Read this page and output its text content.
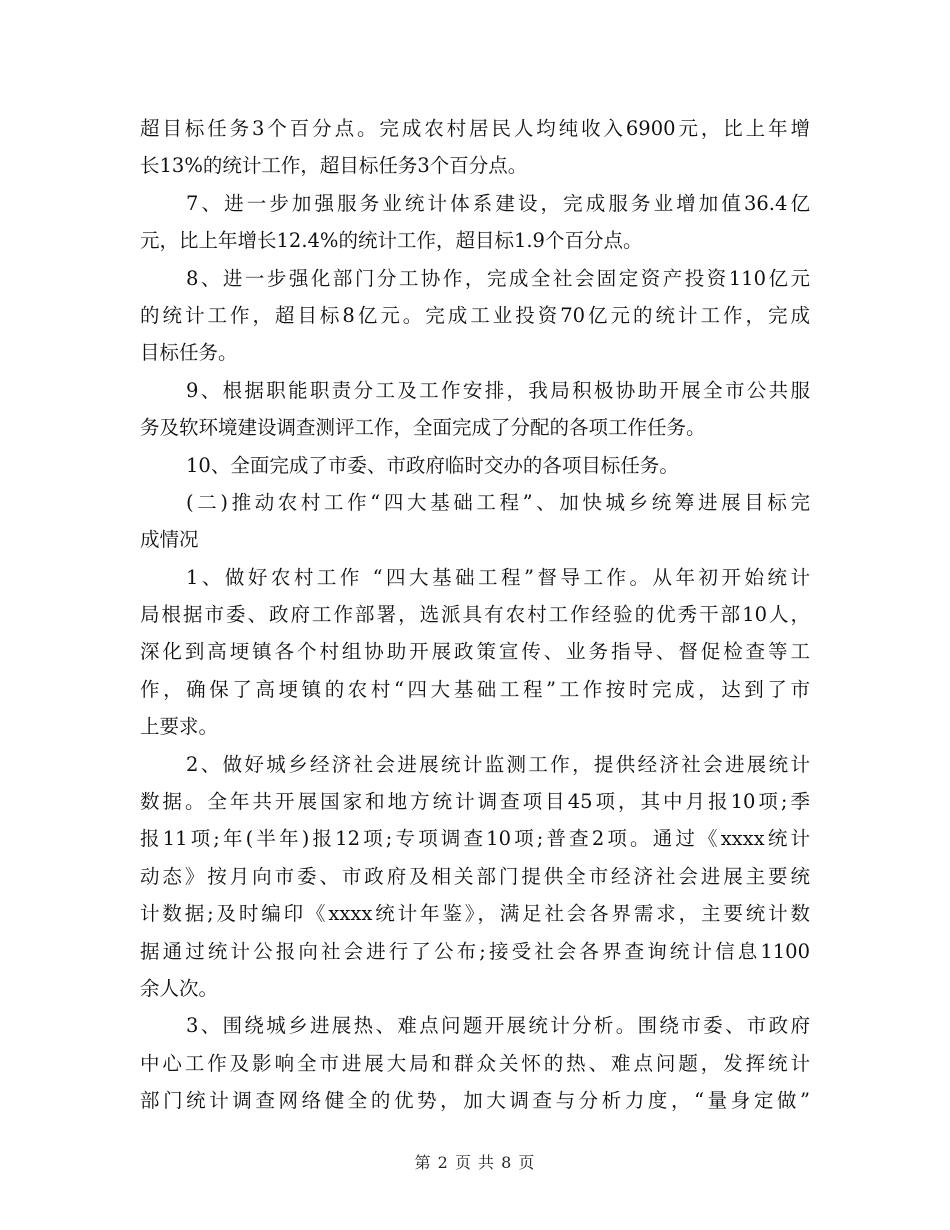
超目标任务3个百分点。完成农村居民人均纯收入6900元，比上年增
长13%的统计工作，超目标任务3个百分点。
7、进一步加强服务业统计体系建设，完成服务业增加值36.4亿
元，比上年增长12.4%的统计工作，超目标1.9个百分点。
8、进一步强化部门分工协作，完成全社会固定资产投资110亿元
的统计工作，超目标8亿元。完成工业投资70亿元的统计工作，完成
目标任务。
9、根据职能职责分工及工作安排，我局积极协助开展全市公共服
务及软环境建设调查测评工作，全面完成了分配的各项工作任务。
10、全面完成了市委、市政府临时交办的各项目标任务。
(二)推动农村工作“四大基础工程”、加快城乡统筹进展目标完
成情况
1、做好农村工作 “四大基础工程”督导工作。从年初开始统计
局根据市委、政府工作部署，选派具有农村工作经验的优秀干部10人，
深化到高埂镇各个村组协助开展政策宣传、业务指导、督促检查等工
作，确保了高埂镇的农村“四大基础工程”工作按时完成，达到了市
上要求。
2、做好城乡经济社会进展统计监测工作，提供经济社会进展统计
数据。全年共开展国家和地方统计调查项目45项，其中月报10项;季
报11项;年(半年)报12项;专项调查10项;普查2项。通过《xxxx统计
动态》按月向市委、市政府及相关部门提供全市经济社会进展主要统
计数据;及时编印《xxxx统计年鉴》，满足社会各界需求，主要统计数
据通过统计公报向社会进行了公布;接受社会各界查询统计信息1100
余人次。
3、围绕城乡进展热、难点问题开展统计分析。围绕市委、市政府
中心工作及影响全市进展大局和群众关怀的热、难点问题，发挥统计
部门统计调查网络健全的优势，加大调查与分析力度，“量身定做”
第 2 页 共 8 页
